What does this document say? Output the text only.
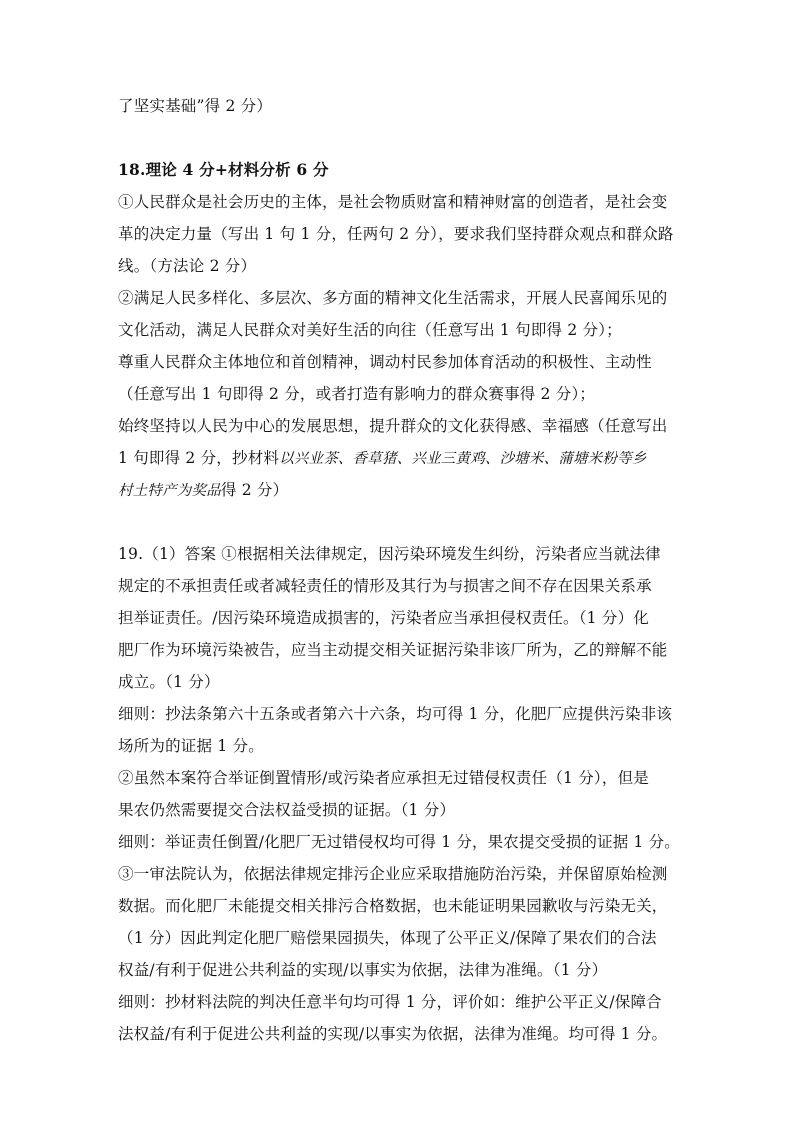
了坚实基础”得 2 分）
18.理论 4 分+材料分析 6 分
①人民群众是社会历史的主体，是社会物质财富和精神财富的创造者，是社会变
革的决定力量（写出 1 句 1 分，任两句 2 分），要求我们坚持群众观点和群众路
线。（方法论 2 分）
②满足人民多样化、多层次、多方面的精神文化生活需求，开展人民喜闻乐见的
文化活动，满足人民群众对美好生活的向往（任意写出 1 句即得 2 分）；
尊重人民群众主体地位和首创精神，调动村民参加体育活动的积极性、主动性
（任意写出 1 句即得 2 分，或者打造有影响力的群众赛事得 2 分）；
始终坚持以人民为中心的发展思想，提升群众的文化获得感、幸福感（任意写出
1 句即得 2 分，抄材料以兴业茶、香草猪、兴业三黄鸡、沙塘米、蒲塘米粉等乡
村土特产为奖品得 2 分）
19.（1）答案 ①根据相关法律规定，因污染环境发生纠纷，污染者应当就法律
规定的不承担责任或者减轻责任的情形及其行为与损害之间不存在因果关系承
担举证责任。/因污染环境造成损害的，污染者应当承担侵权责任。（1 分）化
肥厂作为环境污染被告，应当主动提交相关证据污染非该厂所为，乙的辩解不能
成立。（1 分）
细则：抄法条第六十五条或者第六十六条，均可得 1 分，化肥厂应提供污染非该
场所为的证据 1 分。
②虽然本案符合举证倒置情形/或污染者应承担无过错侵权责任（1 分），但是
果农仍然需要提交合法权益受损的证据。（1 分）
细则：举证责任倒置/化肥厂无过错侵权均可得 1 分，果农提交受损的证据 1 分。
③一审法院认为，依据法律规定排污企业应采取措施防治污染，并保留原始检测
数据。而化肥厂未能提交相关排污合格数据，也未能证明果园歉收与污染无关，
（1 分）因此判定化肥厂赔偿果园损失，体现了公平正义/保障了果农们的合法
权益/有利于促进公共利益的实现/以事实为依据，法律为准绳。（1 分）
细则：抄材料法院的判决任意半句均可得 1 分，评价如：维护公平正义/保障合
法权益/有利于促进公共利益的实现/以事实为依据，法律为准绳。均可得 1 分。
